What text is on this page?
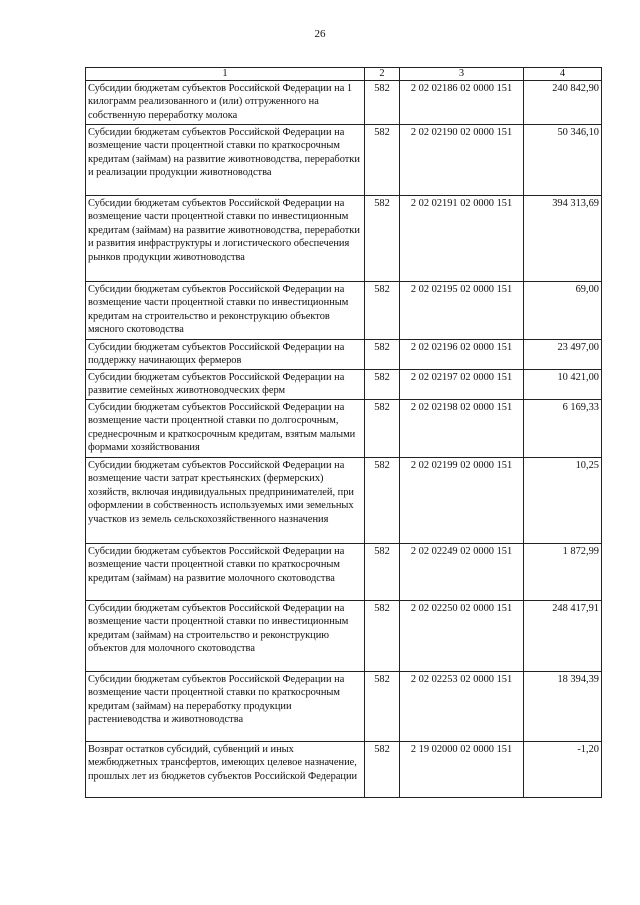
26
1	2	3	4
Субсидии бюджетам субъектов Российской Федерации на 1 килограмм реализованного и (или) отгруженного на собственную переработку молока	582	2 02 02186 02 0000 151	240 842,90
Субсидии бюджетам субъектов Российской Федерации на возмещение части процентной ставки по краткосрочным кредитам (займам) на развитие животноводства, переработки и реализации продукции животноводства	582	2 02 02190 02 0000 151	50 346,10
Субсидии бюджетам субъектов Российской Федерации на возмещение части процентной ставки по инвестиционным кредитам (займам) на развитие животноводства, переработки и развития инфраструктуры и логистического обеспечения рынков продукции животноводства	582	2 02 02191 02 0000 151	394 313,69
Субсидии бюджетам субъектов Российской Федерации на возмещение части процентной ставки по инвестиционным кредитам на строительство и реконструкцию объектов мясного скотоводства	582	2 02 02195 02 0000 151	69,00
Субсидии бюджетам субъектов Российской Федерации на поддержку начинающих фермеров	582	2 02 02196 02 0000 151	23 497,00
Субсидии бюджетам субъектов Российской Федерации на развитие семейных животноводческих ферм	582	2 02 02197 02 0000 151	10 421,00
Субсидии бюджетам субъектов Российской Федерации на возмещение части процентной ставки по долгосрочным, среднесрочным и краткосрочным кредитам, взятым малыми формами хозяйствования	582	2 02 02198 02 0000 151	6 169,33
Субсидии бюджетам субъектов Российской Федерации на возмещение части затрат крестьянских (фермерских) хозяйств, включая индивидуальных предпринимателей, при оформлении в собственность используемых ими земельных участков из земель сельскохозяйственного назначения	582	2 02 02199 02 0000 151	10,25
Субсидии бюджетам субъектов Российской Федерации на возмещение части процентной ставки по краткосрочным кредитам (займам) на развитие молочного скотоводства	582	2 02 02249 02 0000 151	1 872,99
Субсидии бюджетам субъектов Российской Федерации на возмещение части процентной ставки по инвестиционным кредитам (займам) на строительство и реконструкцию объектов для молочного скотоводства	582	2 02 02250 02 0000 151	248 417,91
Субсидии бюджетам субъектов Российской Федерации на возмещение части процентной ставки по краткосрочным кредитам (займам) на переработку продукции растениеводства и животноводства	582	2 02 02253 02 0000 151	18 394,39
Возврат остатков субсидий, субвенций и иных межбюджетных трансфертов, имеющих целевое назначение, прошлых лет из бюджетов субъектов Российской Федерации	582	2 19 02000 02 0000 151	-1,20
